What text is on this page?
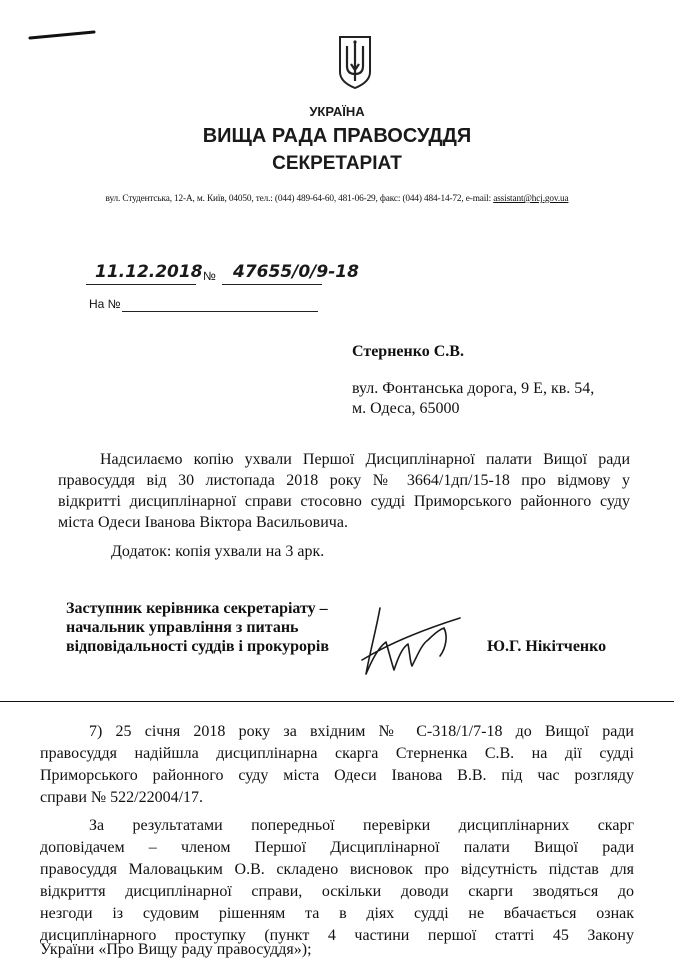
УКРАЇНА
ВИЩА РАДА ПРАВОСУДДЯ
СЕКРЕТАРІАТ
вул. Студентська, 12-А, м. Київ, 04050, тел.: (044) 489-64-60, 481-06-29, факс: (044) 484-14-72, e-mail: assistant@hcj.gov.ua
11.12.2018 № 47655/0/9-18
На №
Стерненко С.В.
вул. Фонтанська дорога, 9 Е, кв. 54,
м. Одеса, 65000
Надсилаємо копію ухвали Першої Дисциплінарної палати Вищої ради
правосуддя від 30 листопада 2018 року № 3664/1дп/15-18 про відмову у
відкритті дисциплінарної справи стосовно судді Приморського районного суду
міста Одеси Іванова Віктора Васильовича.
Додаток: копія ухвали на 3 арк.
Заступник керівника секретаріату –
начальник управління з питань
відповідальності суддів і прокурорів	Ю.Г. Нікітченко
7) 25 січня 2018 року за вхідним № С-318/1/7-18 до Вищої ради
правосуддя надійшла дисциплінарна скарга Стерненка С.В. на дії судді
Приморського районного суду міста Одеси Іванова В.В. під час розгляду
справи № 522/22004/17.
За результатами попередньої перевірки дисциплінарних скарг
доповідачем – членом Першої Дисциплінарної палати Вищої ради
правосуддя Маловацьким О.В. складено висновок про відсутність підстав для
відкриття дисциплінарної справи, оскільки доводи скарги зводяться до
незгоди із судовим рішенням та в діях судді не вбачається ознак
дисциплінарного проступку (пункт 4 частини першої статті 45 Закону
України «Про Вищу раду правосуддя»);
